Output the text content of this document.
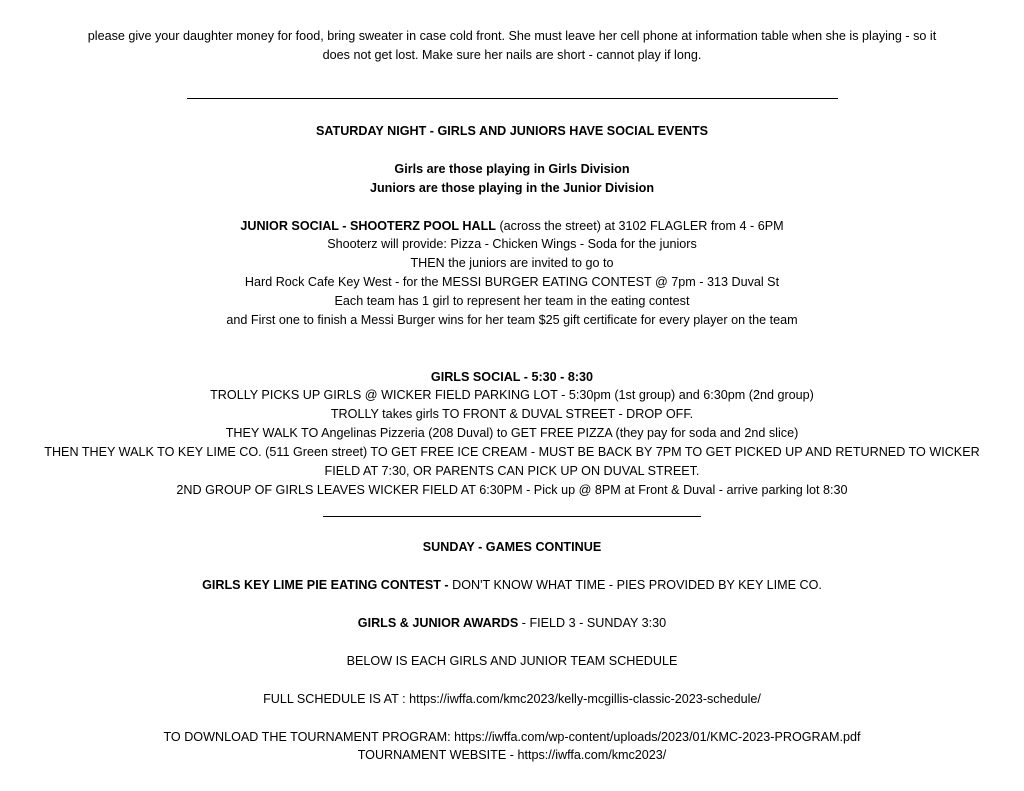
please give your daughter money for food, bring sweater in case cold front. She must leave her cell phone at information table when she is playing - so it
does not get lost. Make sure her nails are short - cannot play if long.
SATURDAY NIGHT - GIRLS AND JUNIORS HAVE SOCIAL EVENTS
Girls are those playing in Girls Division
Juniors are those playing in the Junior Division
JUNIOR SOCIAL - SHOOTERZ POOL HALL (across the street) at 3102 FLAGLER from 4 - 6PM
Shooterz will provide: Pizza - Chicken Wings - Soda for the juniors
THEN the juniors are invited to go to
Hard Rock Cafe Key West - for the MESSI BURGER EATING CONTEST @ 7pm - 313 Duval St
Each team has 1 girl to represent her team in the eating contest
and First one to finish a Messi Burger wins for her team $25 gift certificate for every player on the team
GIRLS SOCIAL - 5:30 - 8:30
TROLLY PICKS UP GIRLS @ WICKER FIELD PARKING LOT - 5:30pm (1st group) and 6:30pm (2nd group)
TROLLY takes girls TO FRONT & DUVAL STREET - DROP OFF.
THEY WALK TO Angelinas Pizzeria (208 Duval) to GET FREE PIZZA (they pay for soda and 2nd slice)
THEN THEY WALK TO KEY LIME CO. (511 Green street) TO GET FREE ICE CREAM - MUST BE BACK BY 7PM TO GET PICKED UP AND RETURNED TO WICKER
FIELD AT 7:30, OR PARENTS CAN PICK UP ON DUVAL STREET.
2ND GROUP OF GIRLS LEAVES WICKER FIELD AT 6:30PM - Pick up @ 8PM at Front & Duval - arrive parking lot 8:30
SUNDAY - GAMES CONTINUE
GIRLS KEY LIME PIE EATING CONTEST - DON'T KNOW WHAT TIME - PIES PROVIDED BY KEY LIME CO.
GIRLS & JUNIOR AWARDS - FIELD 3 - SUNDAY 3:30
BELOW IS EACH GIRLS AND JUNIOR TEAM SCHEDULE
FULL SCHEDULE IS AT : https://iwffa.com/kmc2023/kelly-mcgillis-classic-2023-schedule/
TO DOWNLOAD THE TOURNAMENT PROGRAM: https://iwffa.com/wp-content/uploads/2023/01/KMC-2023-PROGRAM.pdf
TOURNAMENT WEBSITE - https://iwffa.com/kmc2023/
